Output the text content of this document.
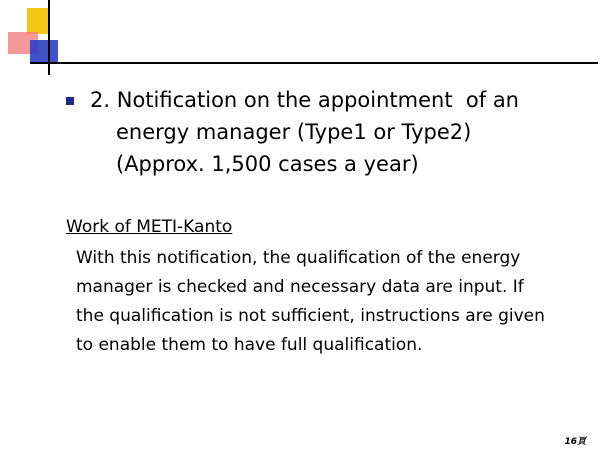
2. Notification on the appointment  of an
energy manager (Type1 or Type2)
(Approx. 1,500 cases a year)
Work of METI-Kanto
With this notification, the qualification of the energy
manager is checked and necessary data are input. If
the qualification is not sufficient, instructions are given
to enable them to have full qualification.
16頁
